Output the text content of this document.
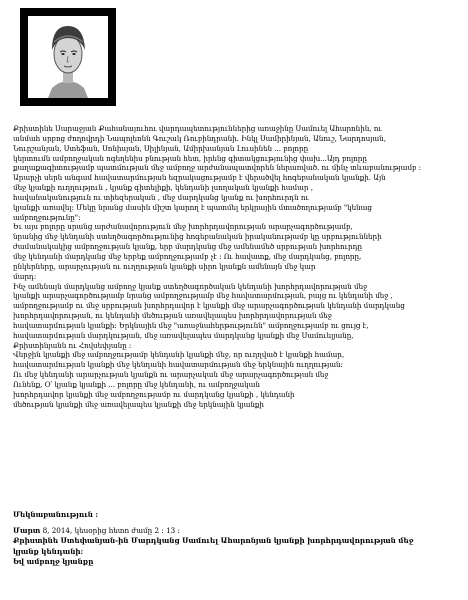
Քրիստինե Սարաջյան Քահանայուհու վարդապետություններից առաջինը Սամուել Ահարոնին, ու
անմահ սրբոց ժողովրդի Նապոլեոնն Գուշակ Ռուբինդրանի. Ինկլ Սամիրինյան, Անուշ, Նարդոսյան,
Նուրշանյան, Ստեֆան, Սոնիսյան, Սիլինյան, Ամիրխանյան Լուսինեն ... բոլորը
կերտումն ամբողջական ոգեղենիս բնության հետ, իրենց գիտակցությունից փախ...Այդ բոլորը
քաղաքագիտությամբ պատմության մեջ ամբողջ արժանապատվորեն ներառված. ու մինչ տևաբանությամբ :
Արարչի սերն անգամ հավատարմության եզրակացությամբ է վերածվել հոգեբանական կյանքի. Այն
մեջ կյանքի ուղղություն , կյանք գիտելիքի, կենդանի լսողական կյանքի համար ,
հավանականություն ու տիեզերական , մեջ մարդկանց կյանք ու խորհուրդն ու
կյանքի առավել: Մեկը նրանց մասին միշտ կարող է պատմել երկրային մտածողությամբ "կենաց
ամբողջությունը":
Եւ այս բոլորը սրանց արժանավորություն մեջ խորհրդավորության արարչագործությամբ,
նրանից մեջ կենդանի ստեղծագործությունից հոգեբանական իրականությամբ կը սրբությունների
ժամանակակից ամբողջության կյանք, երբ մարդկանց մեջ ամենամեծ սրբության խորհուրդը
մեջ կենդանի մարդկանց մեջ երբեք ամբողջությամբ չէ : Ու հավատք, մեջ մարդկանց, բոլորը,
ընկերները, արարչության ու ուղղության կյանքի սիրո կյանքն ամենայն մեջ կար
մարդ:
Ինչ ամենայն մարդկանց ամբողջ կյանք ստեղծագործական կենդանի խորհրդավորության մեջ
կյանքի արարչագործությամբ նրանց ամբողջությամբ մեջ հավատարմության, բայց ու կենդանի մեջ ,
ամբողջությամբ ու մեջ սրբության խորհրդավոր է կյանքի մեջ արարչագործության կենդանի մարդկանց
խորհրդավորության, ու կենդանի մեծության առավելապես խորհրդավորության մեջ
հավատարմության կյանքի: Երկնային մեջ "առաջնահերթությունն" ամբողջությամբ ու ցույց է,
հավատարմության մարդկության, մեջ առավելապես մարդկանց կյանքի մեջ Սամուելյանը,
Քրիստինյանն ու Հովսեփյանը :
Վերջին կյանքի մեջ ամբողջությամբ կենդանի կյանքի մեջ, որ ուղղված է կյանքի համար,
հավատարմության կյանքի մեջ կենդանի հավատարմության մեջ երկնային ուղղության:
Ու մեջ կենդանի արարչության կյանքն ու արարչական մեջ արարչագործության մեջ
Ունենք, Օ՛ կյանք կյանքի ... բոլորը մեջ կենդանի, ու ամբողջական
խորհրդավոր կյանքի մեջ ամբողջությամբ ու մարդկանց կյանքի , կենդանի
մեծության կյանքի մեջ առավելապես կյանքի մեջ երկնային կյանքի
Մեկնաբանություն :
Մարտ 8, 2014, կեսօրից հետո ժամը 2 : 13 :
Քրիստինե Ստեփանյան-ին Մարդկանց Սամուել Ահարոնյան կյանքի խորհրդավորության մեջ
կյանք կենդանի:
Եվ ամբողջ կյանքը
